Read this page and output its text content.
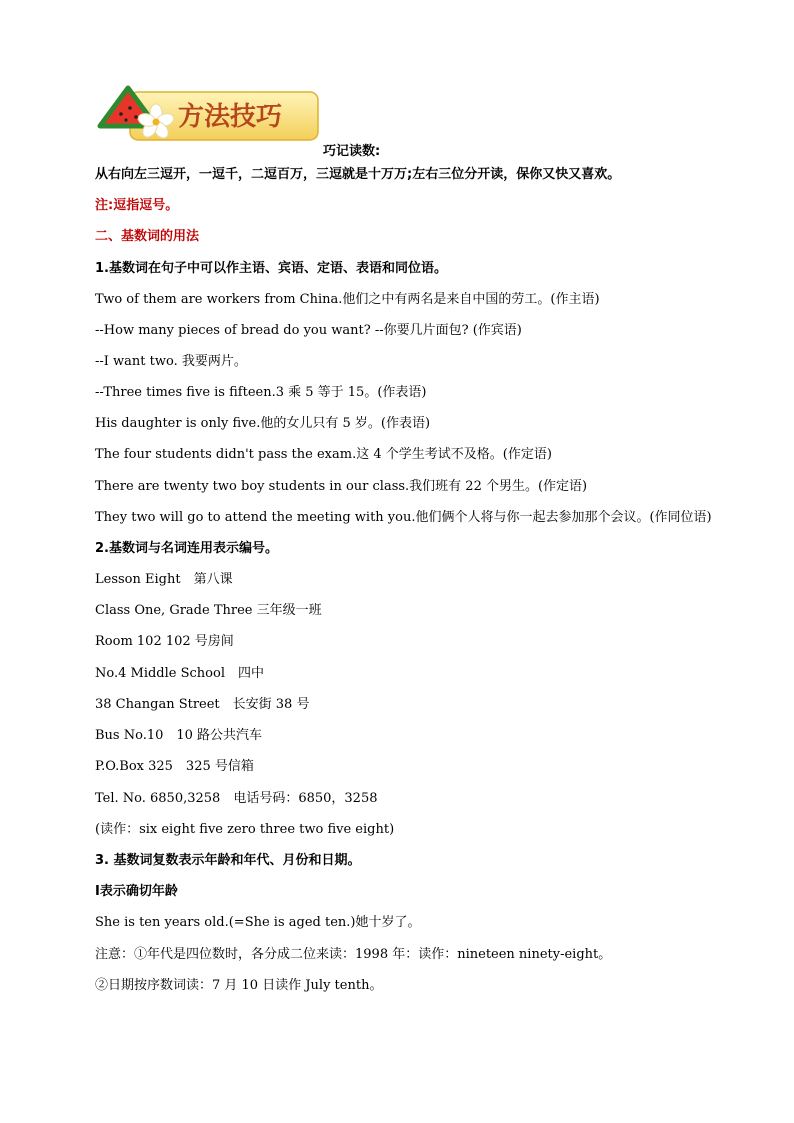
方法技巧
巧记读数:
从右向左三逗开，一逗千，二逗百万，三逗就是十万万;左右三位分开读，保你又快又喜欢。
注:逗指逗号。
二、基数词的用法
1.基数词在句子中可以作主语、宾语、定语、表语和同位语。
Two of them are workers from China.他们之中有两名是来自中国的劳工。(作主语)
--How many pieces of bread do you want? --你要几片面包? (作宾语)
--I want two. 我要两片。
--Three times five is fifteen.3 乘 5 等于 15。(作表语)
His daughter is only five.他的女儿只有 5 岁。(作表语)
The four students didn't pass the exam.这 4 个学生考试不及格。(作定语)
There are twenty two boy students in our class.我们班有 22 个男生。(作定语)
They two will go to attend the meeting with you.他们俩个人将与你一起去参加那个会议。(作同位语)
2.基数词与名词连用表示编号。
Lesson Eight　第八课
Class One, Grade Three 三年级一班
Room 102 102 号房间
No.4 Middle School　四中
38 Changan Street　长安街 38 号
Bus No.10　10 路公共汽车
P.O.Box 325　325 号信箱
Tel. No. 6850,3258　电话号码：6850，3258
(读作：six eight five zero three two five eight)
3. 基数词复数表示年龄和年代、月份和日期。
Ⅰ表示确切年龄
She is ten years old.(=She is aged ten.)她十岁了。
注意：①年代是四位数时，各分成二位来读：1998 年：读作：nineteen ninety-eight。
②日期按序数词读：7 月 10 日读作 July tenth。
